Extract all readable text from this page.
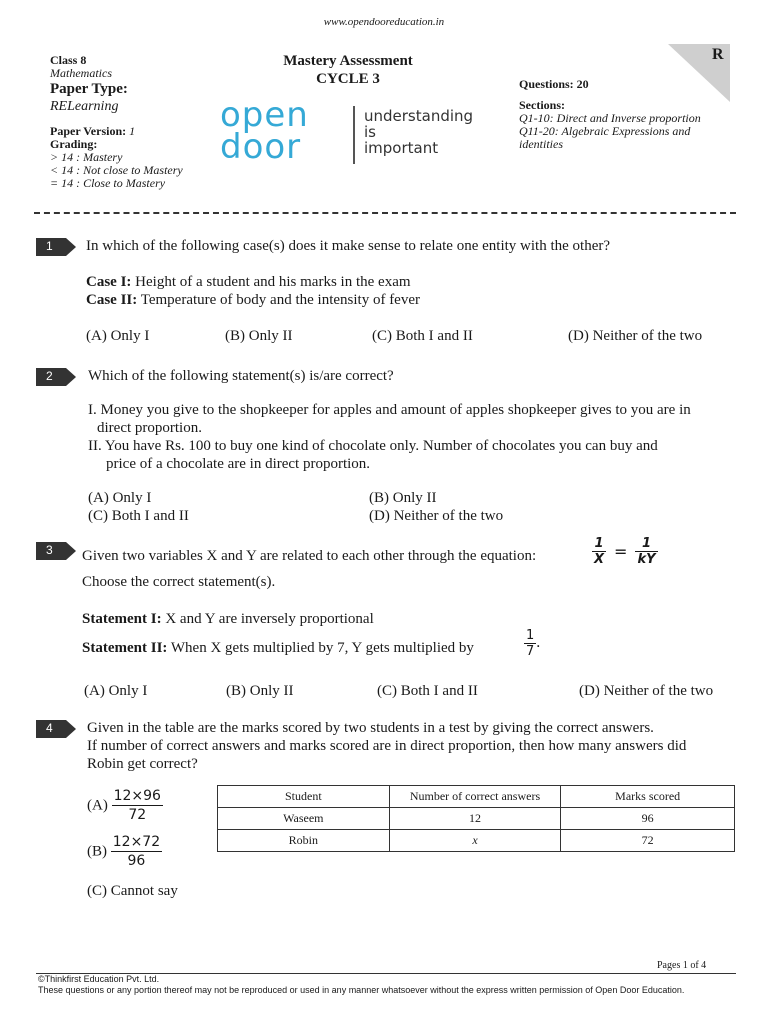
www.opendooreducation.in
Class 8
Mathematics
Paper Type:
RELearning
Paper Version: 1
Grading:
> 14 : Mastery
< 14 : Not close to Mastery
= 14 : Close to Mastery
Mastery Assessment
CYCLE 3
open
door
understanding
is
important
Questions: 20
Sections:
Q1-10: Direct and Inverse proportion
Q11-20: Algebraic Expressions and
identities
R
1 In which of the following case(s) does it make sense to relate one entity with the other?
Case I: Height of a student and his marks in the exam
Case II: Temperature of body and the intensity of fever
(A) Only I	(B) Only II	(C) Both I and II	(D) Neither of the two
2 Which of the following statement(s) is/are correct?
I. Money you give to the shopkeeper for apples and amount of apples shopkeeper gives to you are in
direct proportion.
II. You have Rs. 100 to buy one kind of chocolate only. Number of chocolates you can buy and
price of a chocolate are in direct proportion.
(A) Only I	(B) Only II
(C) Both I and II	(D) Neither of the two
3 Given two variables X and Y are related to each other through the equation:	$\frac{1}{X} = \frac{1}{kY}$
Choose the correct statement(s).
Statement I: X and Y are inversely proportional
Statement II: When X gets multiplied by 7, Y gets multiplied by	$\frac{1}{7}$ .
(A) Only I	(B) Only II	(C) Both I and II	(D) Neither of the two
4 Given in the table are the marks scored by two students in a test by giving the correct answers.
If number of correct answers and marks scored are in direct proportion, then how many answers did
Robin get correct?
$(A) \frac{12\times 96}{72}$
$(B) \frac{12\times 72}{96}$
(C) Cannot say
Student	Number of correct answers	Marks scored
Waseem	12	96
Robin	x	72
Pages 1 of 4
©Thinkfirst Education Pvt. Ltd.
These questions or any portion thereof may not be reproduced or used in any manner whatsoever without the express written permission of Open Door Education.
